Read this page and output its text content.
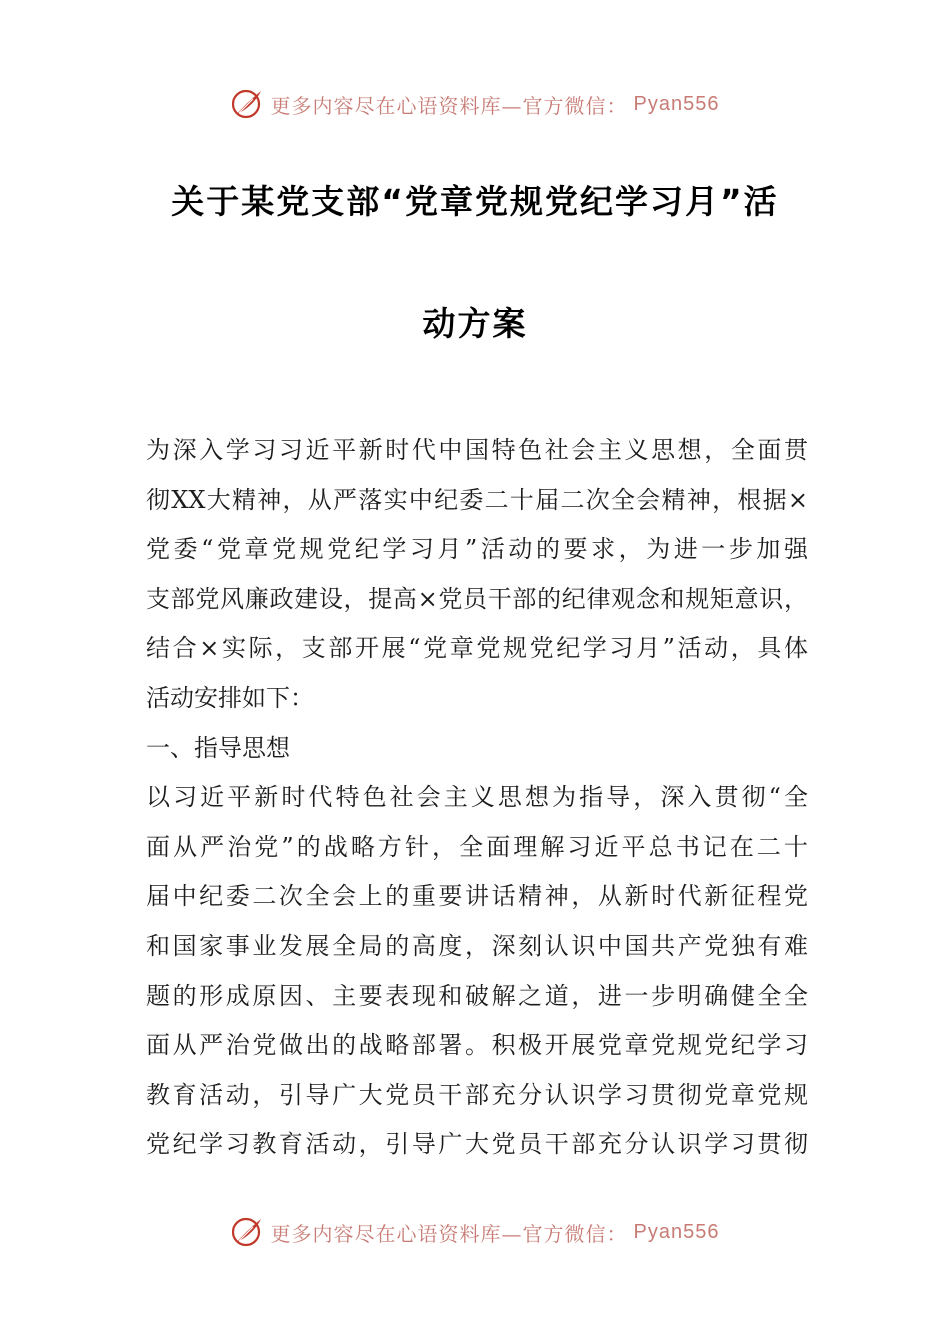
更多内容尽在心语资料库—官方微信： Pyan556
关于某党支部“党章党规党纪学习月”活
动方案
为深入学习习近平新时代中国特色社会主义思想，全面贯
彻XX大精神，从严落实中纪委二十届二次全会精神，根据×
党委“党章党规党纪学习月”活动的要求，为进一步加强
支部党风廉政建设，提高×党员干部的纪律观念和规矩意识，
结合×实际，支部开展“党章党规党纪学习月”活动，具体
活动安排如下：
一、指导思想
以习近平新时代特色社会主义思想为指导，深入贯彻“全
面从严治党”的战略方针，全面理解习近平总书记在二十
届中纪委二次全会上的重要讲话精神，从新时代新征程党
和国家事业发展全局的高度，深刻认识中国共产党独有难
题的形成原因、主要表现和破解之道，进一步明确健全全
面从严治党做出的战略部署。积极开展党章党规党纪学习
教育活动，引导广大党员干部充分认识学习贯彻党章党规
党纪学习教育活动，引导广大党员干部充分认识学习贯彻
更多内容尽在心语资料库—官方微信： Pyan556
